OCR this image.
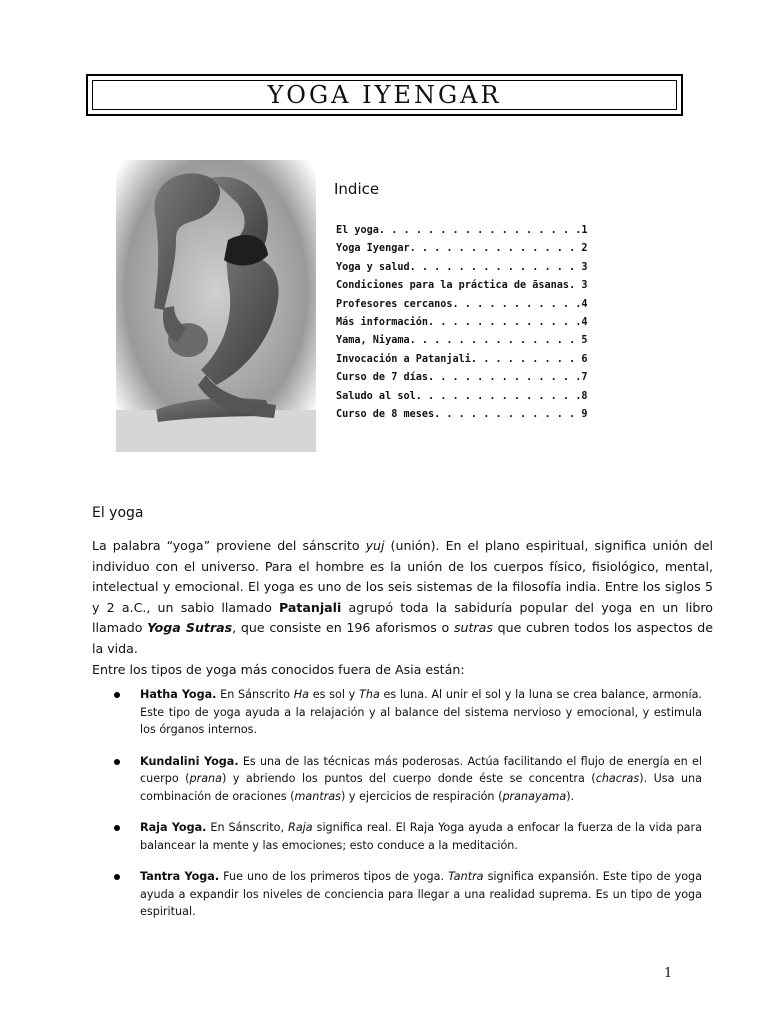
YOGA IYENGAR
Indice
El yoga. . . . . . . . . . . . . . . . .1
Yoga Iyengar. . . . . . . . . . . . . . 2
Yoga y salud. . . . . . . . . . . . . . 3
Condiciones para la práctica de āsanas. 3
Profesores cercanos. . . . . . . . . . .4
Más información. . . . . . . . . . . . .4
Yama, Niyama. . . . . . . . . . . . . . 5
Invocación a Patanjali. . . . . . . . . 6
Curso de 7 días. . . . . . . . . . . . .7
Saludo al sol. . . . . . . . . . . . . .8
Curso de 8 meses. . . . . . . . . . . . 9
El yoga

La palabra “yoga” proviene del sánscrito yuj (unión). En el plano espiritual, significa unión del individuo con el universo. Para el hombre es la unión de los cuerpos físico, fisiológico, mental, intelectual y emocional. El yoga es uno de los seis sistemas de la filosofía india. Entre los siglos 5 y 2 a.C., un sabio llamado Patanjali agrupó toda la sabiduría popular del yoga en un libro llamado Yoga Sutras, que consiste en 196 aforismos o sutras que cubren todos los aspectos de la vida.

Entre los tipos de yoga más conocidos fuera de Asia están:

Hatha Yoga. En Sánscrito Ha es sol y Tha es luna. Al unir el sol y la luna se crea balance, armonía. Este tipo de yoga ayuda a la relajación y al balance del sistema nervioso y emocional, y estimula los órganos internos.
Kundalini Yoga. Es una de las técnicas más poderosas. Actúa facilitando el flujo de energía en el cuerpo (prana) y abriendo los puntos del cuerpo donde éste se concentra (chacras). Usa una combinación de oraciones (mantras) y ejercicios de respiración (pranayama).
Raja Yoga. En Sánscrito, Raja significa real. El Raja Yoga ayuda a enfocar la fuerza de la vida para balancear la mente y las emociones; esto conduce a la meditación.
Tantra Yoga. Fue uno de los primeros tipos de yoga. Tantra significa expansión. Este tipo de yoga ayuda a expandir los niveles de conciencia para llegar a una realidad suprema. Es un tipo de yoga espiritual.
1
